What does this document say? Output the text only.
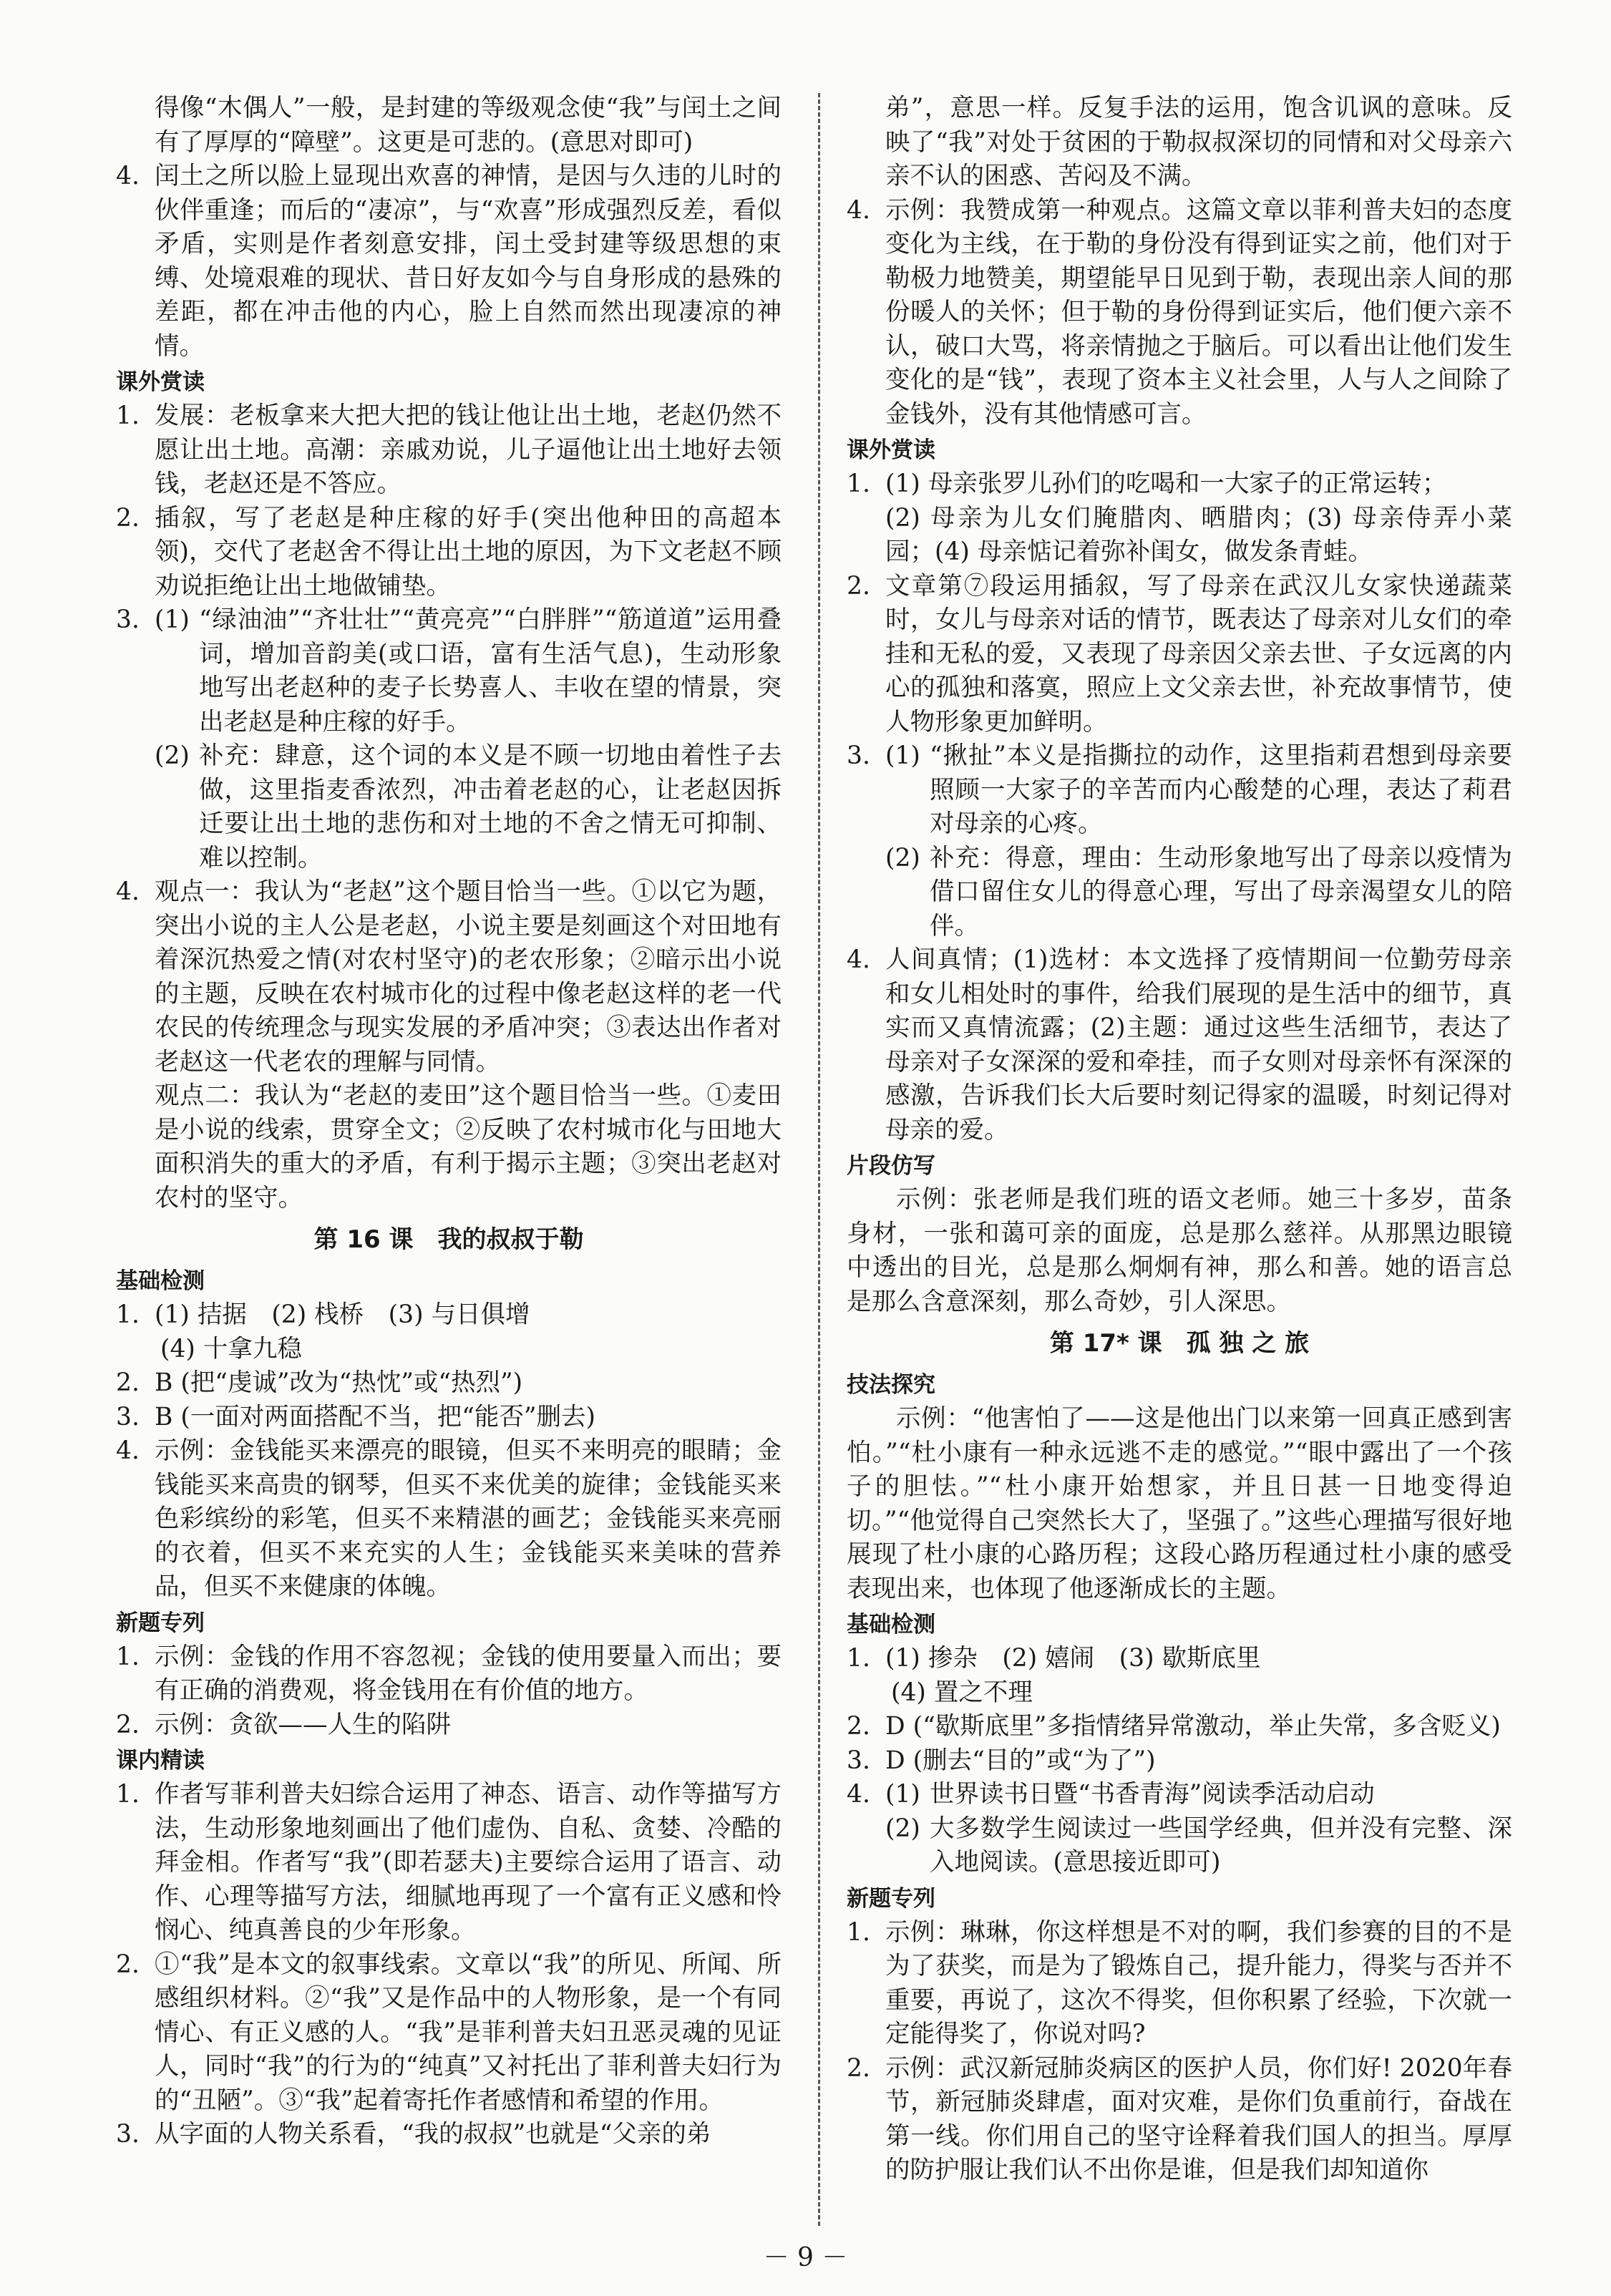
得像“木偶人”一般，是封建的等级观念使“我”与闰土之间有了厚厚的“障壁”。这更是可悲的。(意思对即可)

4. 闰土之所以脸上显现出欢喜的神情，是因与久违的儿时的伙伴重逢；而后的“凄凉”，与“欢喜”形成强烈反差，看似矛盾，实则是作者刻意安排，闰土受封建等级思想的束缚、处境艰难的现状、昔日好友如今与自身形成的悬殊的差距，都在冲击他的内心，脸上自然而然出现凄凉的神情。
课外赏读
1. 发展：老板拿来大把大把的钱让他让出土地，老赵仍然不愿让出土地。高潮：亲戚劝说，儿子逼他让出土地好去领钱，老赵还是不答应。
2. 插叙，写了老赵是种庄稼的好手(突出他种田的高超本领)，交代了老赵舍不得让出土地的原因，为下文老赵不顾劝说拒绝让出土地做铺垫。
3. (1) “绿油油”“齐壮壮”“黄亮亮”“白胖胖”“筋道道”运用叠词，增加音韵美(或口语，富有生活气息)，生动形象地写出老赵种的麦子长势喜人、丰收在望的情景，突出老赵是种庄稼的好手。
(2) 补充：肆意，这个词的本义是不顾一切地由着性子去做，这里指麦香浓烈，冲击着老赵的心，让老赵因拆迁要让出土地的悲伤和对土地的不舍之情无可抑制、难以控制。
4. 观点一：我认为“老赵”这个题目恰当一些。①以它为题，突出小说的主人公是老赵，小说主要是刻画这个对田地有着深沉热爱之情(对农村坚守)的老农形象；②暗示出小说的主题，反映在农村城市化的过程中像老赵这样的老一代农民的传统理念与现实发展的矛盾冲突；③表达出作者对老赵这一代老农的理解与同情。

观点二：我认为“老赵的麦田”这个题目恰当一些。①麦田是小说的线索，贯穿全文；②反映了农村城市化与田地大面积消失的重大的矛盾，有利于揭示主题；③突出老赵对农村的坚守。

第 16 课　我的叔叔于勒
基础检测
1. (1) 拮据　(2) 栈桥　(3) 与日俱增
(4) 十拿九稳
2. B (把“虔诚”改为“热忱”或“热烈”)
3. B (一面对两面搭配不当，把“能否”删去)
4. 示例：金钱能买来漂亮的眼镜，但买不来明亮的眼睛；金钱能买来高贵的钢琴，但买不来优美的旋律；金钱能买来色彩缤纷的彩笔，但买不来精湛的画艺；金钱能买来亮丽的衣着，但买不来充实的人生；金钱能买来美味的营养品，但买不来健康的体魄。
新题专列
1. 示例：金钱的作用不容忽视；金钱的使用要量入而出；要有正确的消费观，将金钱用在有价值的地方。
2. 示例：贪欲——人生的陷阱
课内精读
1. 作者写菲利普夫妇综合运用了神态、语言、动作等描写方法，生动形象地刻画出了他们虚伪、自私、贪婪、冷酷的拜金相。作者写“我”(即若瑟夫)主要综合运用了语言、动作、心理等描写方法，细腻地再现了一个富有正义感和怜悯心、纯真善良的少年形象。
2. ①“我”是本文的叙事线索。文章以“我”的所见、所闻、所感组织材料。②“我”又是作品中的人物形象，是一个有同情心、有正义感的人。“我”是菲利普夫妇丑恶灵魂的见证人，同时“我”的行为的“纯真”又衬托出了菲利普夫妇行为的“丑陋”。③“我”起着寄托作者感情和希望的作用。
3. 从字面的人物关系看，“我的叔叔”也就是“父亲的弟

弟”，意思一样。反复手法的运用，饱含讥讽的意味。反映了“我”对处于贫困的于勒叔叔深切的同情和对父母亲六亲不认的困惑、苦闷及不满。

4. 示例：我赞成第一种观点。这篇文章以菲利普夫妇的态度变化为主线，在于勒的身份没有得到证实之前，他们对于勒极力地赞美，期望能早日见到于勒，表现出亲人间的那份暖人的关怀；但于勒的身份得到证实后，他们便六亲不认，破口大骂，将亲情抛之于脑后。可以看出让他们发生变化的是“钱”，表现了资本主义社会里，人与人之间除了金钱外，没有其他情感可言。
课外赏读
1. (1) 母亲张罗儿孙们的吃喝和一大家子的正常运转；
(2) 母亲为儿女们腌腊肉、晒腊肉；(3) 母亲侍弄小菜园；(4) 母亲惦记着弥补闺女，做发条青蛙。
2. 文章第⑦段运用插叙，写了母亲在武汉儿女家快递蔬菜时，女儿与母亲对话的情节，既表达了母亲对儿女们的牵挂和无私的爱，又表现了母亲因父亲去世、子女远离的内心的孤独和落寞，照应上文父亲去世，补充故事情节，使人物形象更加鲜明。
3. (1) “揪扯”本义是指撕拉的动作，这里指莉君想到母亲要照顾一大家子的辛苦而内心酸楚的心理，表达了莉君对母亲的心疼。
(2) 补充：得意，理由：生动形象地写出了母亲以疫情为借口留住女儿的得意心理，写出了母亲渴望女儿的陪伴。
4. 人间真情；(1)选材：本文选择了疫情期间一位勤劳母亲和女儿相处时的事件，给我们展现的是生活中的细节，真实而又真情流露；(2)主题：通过这些生活细节，表达了母亲对子女深深的爱和牵挂，而子女则对母亲怀有深深的感激，告诉我们长大后要时刻记得家的温暖，时刻记得对母亲的爱。
片段仿写

示例：张老师是我们班的语文老师。她三十多岁，苗条身材，一张和蔼可亲的面庞，总是那么慈祥。从那黑边眼镜中透出的目光，总是那么炯炯有神，那么和善。她的语言总是那么含意深刻，那么奇妙，引人深思。

第 17* 课　孤 独 之 旅
技法探究

示例：“他害怕了——这是他出门以来第一回真正感到害怕。”“杜小康有一种永远逃不走的感觉。”“眼中露出了一个孩子的胆怯。”“杜小康开始想家，并且日甚一日地变得迫切。”“他觉得自己突然长大了，坚强了。”这些心理描写很好地展现了杜小康的心路历程；这段心路历程通过杜小康的感受表现出来，也体现了他逐渐成长的主题。

基础检测
1. (1) 掺杂　(2) 嬉闹　(3) 歇斯底里
(4) 置之不理
2. D (“歇斯底里”多指情绪异常激动，举止失常，多含贬义)
3. D (删去“目的”或“为了”)
4. (1) 世界读书日暨“书香青海”阅读季活动启动
(2) 大多数学生阅读过一些国学经典，但并没有完整、深入地阅读。(意思接近即可)
新题专列
1. 示例：琳琳，你这样想是不对的啊，我们参赛的目的不是为了获奖，而是为了锻炼自己，提升能力，得奖与否并不重要，再说了，这次不得奖，但你积累了经验，下次就一定能得奖了，你说对吗?
2. 示例：武汉新冠肺炎病区的医护人员，你们好! 2020年春节，新冠肺炎肆虐，面对灾难，是你们负重前行，奋战在第一线。你们用自己的坚守诠释着我们国人的担当。厚厚的防护服让我们认不出你是谁，但是我们却知道你
－ 9 －
